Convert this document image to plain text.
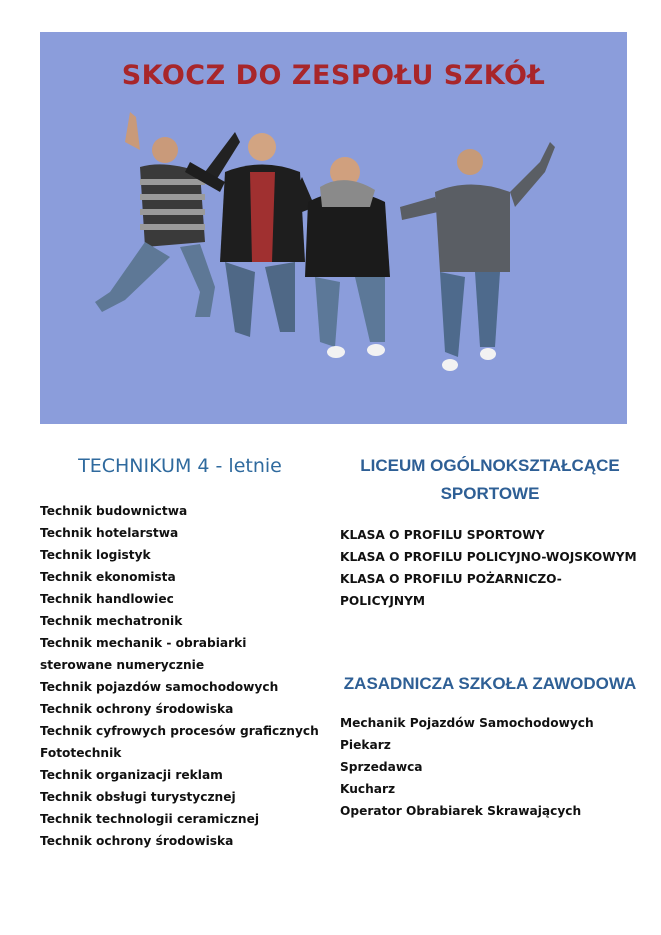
SKOCZ DO ZESPOŁU SZKÓŁ
TECHNIKUM 4 - letnie
Technik budownictwa
Technik hotelarstwa
Technik logistyk
Technik ekonomista
Technik handlowiec
Technik mechatronik
Technik mechanik - obrabiarki sterowane numerycznie
Technik pojazdów samochodowych
Technik ochrony środowiska
Technik cyfrowych procesów graficznych
Fototechnik
Technik organizacji reklam
Technik obsługi turystycznej
Technik technologii ceramicznej
Technik ochrony środowiska
LICEUM OGÓLNOKSZTAŁCĄCE SPORTOWE
KLASA O PROFILU SPORTOWY
KLASA O PROFILU POLICYJNO-WOJSKOWYM
KLASA O PROFILU POŻARNICZO-POLICYJNYM
ZASADNICZA SZKOŁA ZAWODOWA
Mechanik Pojazdów Samochodowych
Piekarz
Sprzedawca
Kucharz
Operator Obrabiarek Skrawających
